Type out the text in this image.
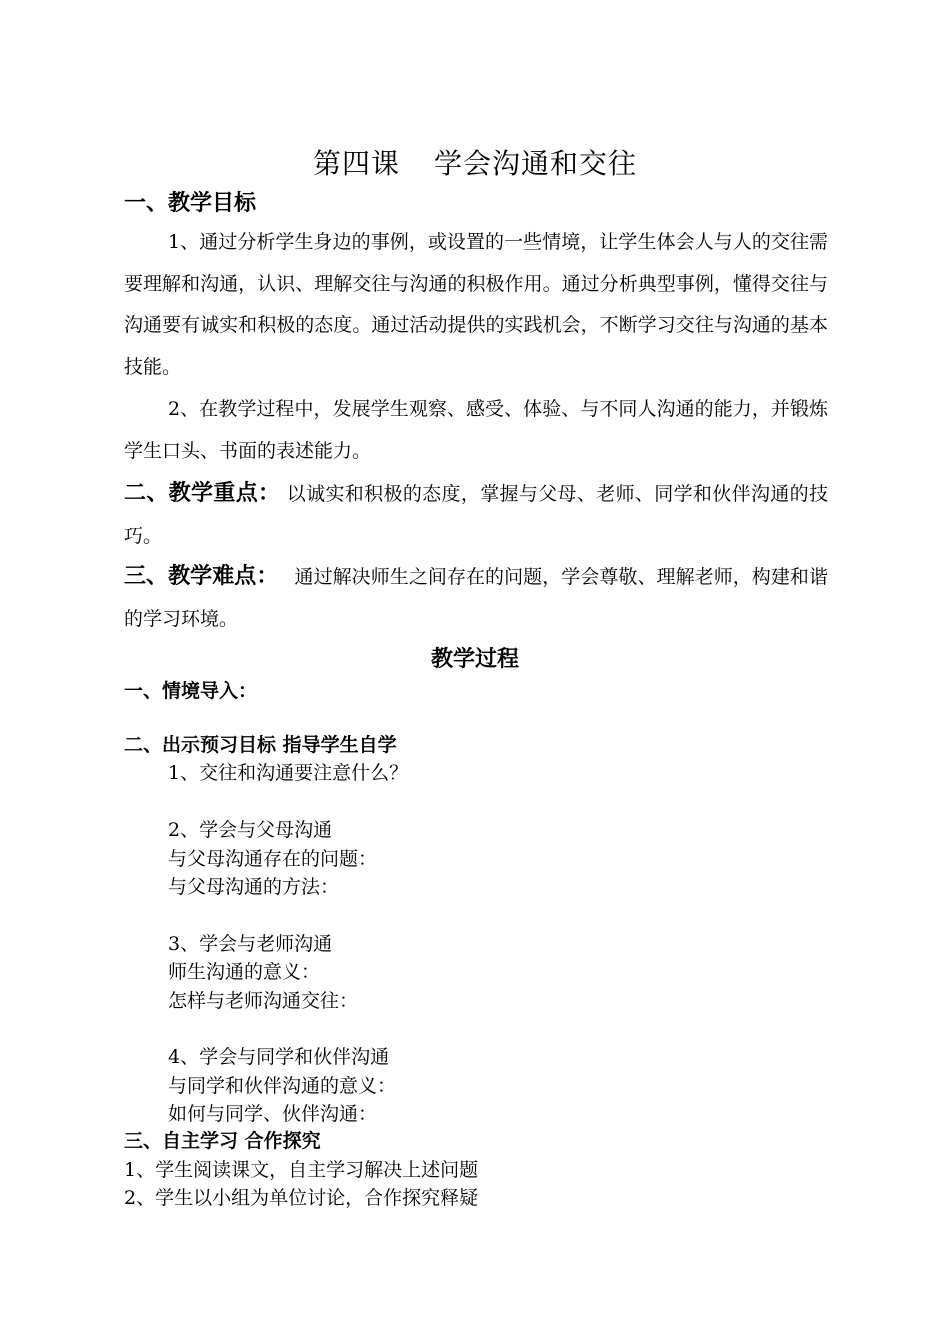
第四课 学会沟通和交往
一、教学目标
1、通过分析学生身边的事例，或设置的一些情境，让学生体会人与人的交往需要理解和沟通，认识、理解交往与沟通的积极作用。通过分析典型事例，懂得交往与沟通要有诚实和积极的态度。通过活动提供的实践机会，不断学习交往与沟通的基本技能。
2、在教学过程中，发展学生观察、感受、体验、与不同人沟通的能力，并锻炼学生口头、书面的表述能力。
二、教学重点： 以诚实和积极的态度，掌握与父母、老师、同学和伙伴沟通的技巧。
三、教学难点： 通过解决师生之间存在的问题，学会尊敬、理解老师，构建和谐的学习环境。
教学过程
一、情境导入：
二、出示预习目标 指导学生自学
1、交往和沟通要注意什么？
2、学会与父母沟通
与父母沟通存在的问题：
与父母沟通的方法：
3、学会与老师沟通
师生沟通的意义：
怎样与老师沟通交往：
4、学会与同学和伙伴沟通
与同学和伙伴沟通的意义：
如何与同学、伙伴沟通：
三、自主学习 合作探究
1、学生阅读课文，自主学习解决上述问题
2、学生以小组为单位讨论，合作探究释疑
